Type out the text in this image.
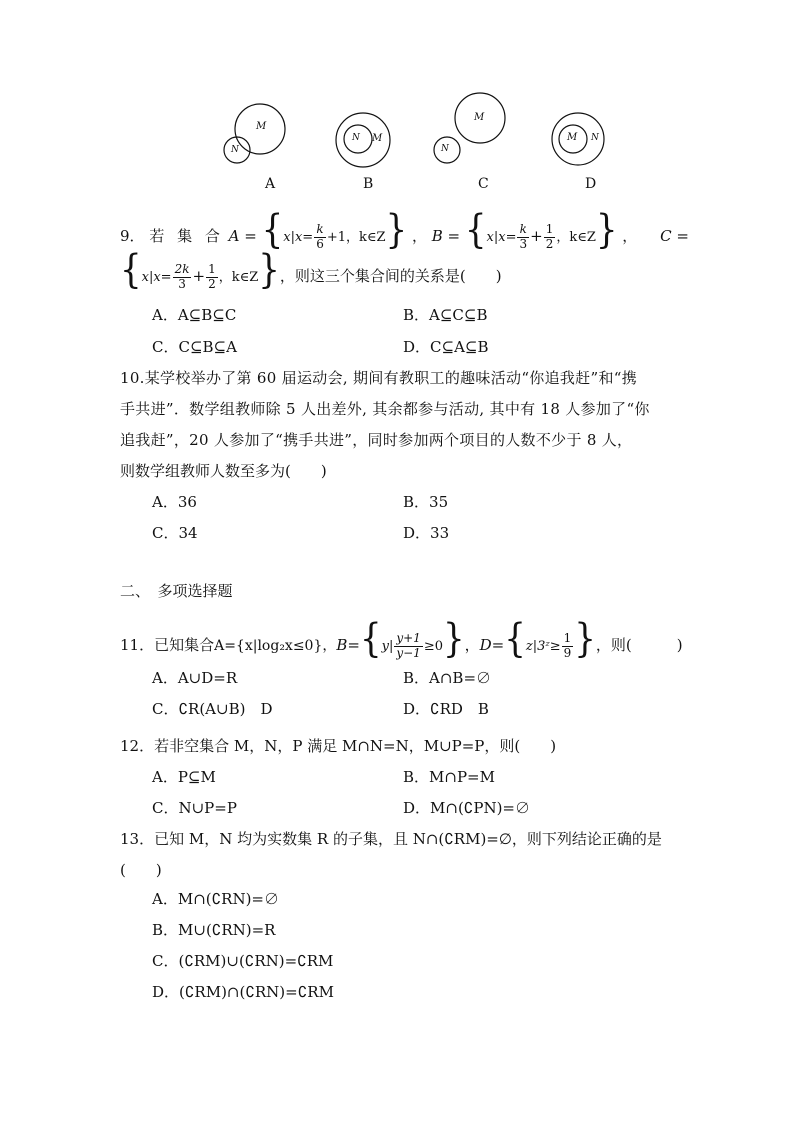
M
N
N M
M
N
M N
A	B	C	D
9． 若 集 合 $A = \{x|x= \frac{k}{6} +1$，k∈Z} ， $B = \{x|x= \frac{k}{3} + \frac{1}{2}$ ，k∈Z} ， C =
{$x|x= \frac{2k}{3} + \frac{1}{2}$ ，k∈Z}，则这三个集合间的关系是(　　)
A．A⊆B⊆C	B．A⊆C⊆B
C．C⊆B⊆A	D．C⊆A⊆B
10.某学校举办了第 60 届运动会, 期间有教职工的趣味活动“你追我赶”和“携
手共进”．数学组教师除 5 人出差外, 其余都参与活动, 其中有 18 人参加了“你
追我赶”，20 人参加了“携手共进”，同时参加两个项目的人数不少于 8 人，
则数学组教师人数至多为(　　)
A．36	B．35
C．34	D．33
二、　多项选择题
11．已知集合A={x|log₂x≤0}，$B=\{y| \frac{y+1}{y-1} \ge 0\}$，D={z|3ᶻ≥ $\frac{1}{9}$ }，则(　　　)
A．A∪D=R	B．A∩B=∅
C．∁R(A∪B)　D	D．∁RD　B
12．若非空集合 M，N，P 满足 M∩N=N，M∪P=P，则(　　)
A．P⊆M	B．M∩P=M
C．N∪P=P	D．M∩(∁PN)=∅
13．已知 M，N 均为实数集 R 的子集，且 N∩(∁RM)=∅，则下列结论正确的是
(　　)
A．M∩(∁RN)=∅
B．M∪(∁RN)=R
C．(∁RM)∪(∁RN)=∁RM
D．(∁RM)∩(∁RN)=∁RM
